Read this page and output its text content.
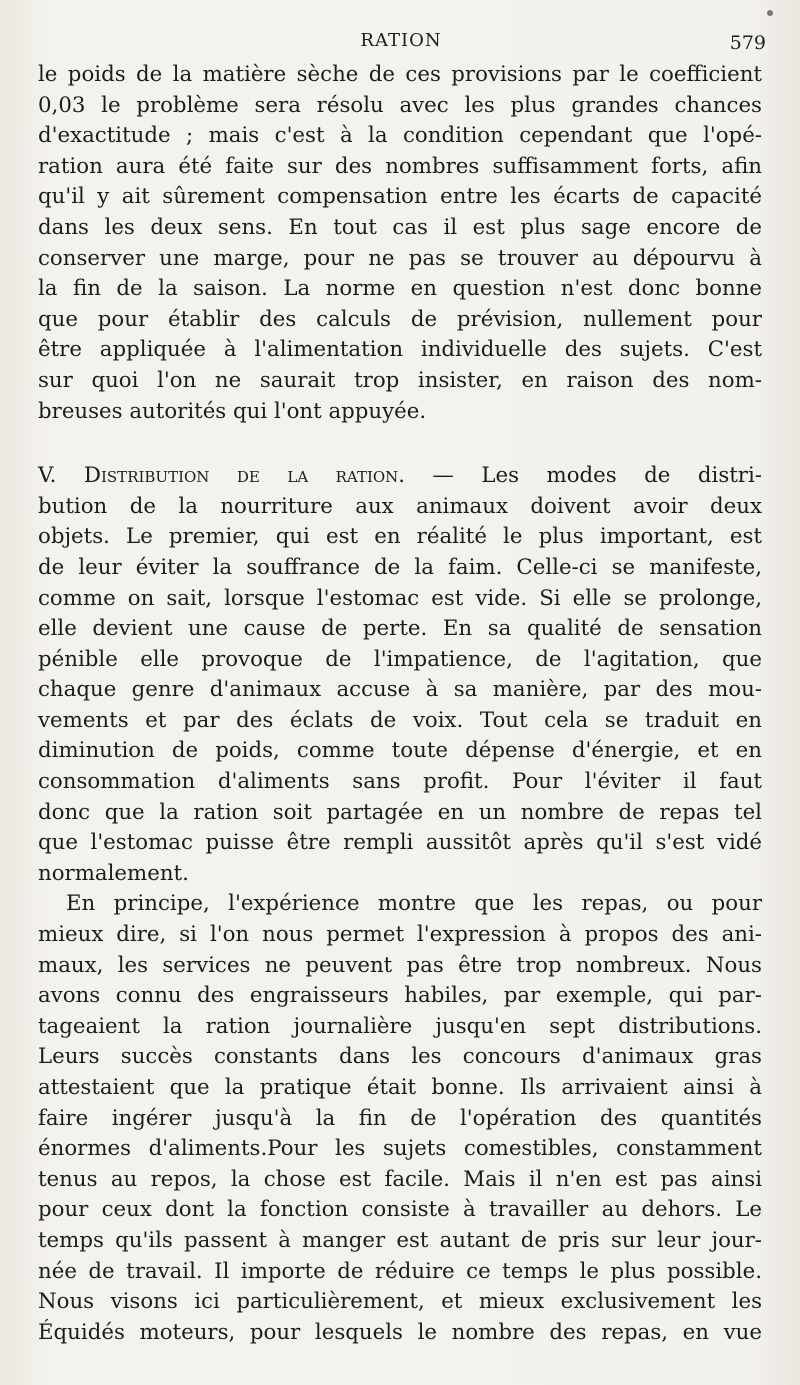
RATION	579
le poids de la matière sèche de ces provisions par le coefficient
0,03 le problème sera résolu avec les plus grandes chances
d'exactitude ; mais c'est à la condition cependant que l'opé-
ration aura été faite sur des nombres suffisamment forts, afin
qu'il y ait sûrement compensation entre les écarts de capacité
dans les deux sens. En tout cas il est plus sage encore de
conserver une marge, pour ne pas se trouver au dépourvu à
la fin de la saison. La norme en question n'est donc bonne
que pour établir des calculs de prévision, nullement pour
être appliquée à l'alimentation individuelle des sujets. C'est
sur quoi l'on ne saurait trop insister, en raison des nom-
breuses autorités qui l'ont appuyée.
V. Distribution de la ration. — Les modes de distri-
bution de la nourriture aux animaux doivent avoir deux
objets. Le premier, qui est en réalité le plus important, est
de leur éviter la souffrance de la faim. Celle-ci se manifeste,
comme on sait, lorsque l'estomac est vide. Si elle se prolonge,
elle devient une cause de perte. En sa qualité de sensation
pénible elle provoque de l'impatience, de l'agitation, que
chaque genre d'animaux accuse à sa manière, par des mou-
vements et par des éclats de voix. Tout cela se traduit en
diminution de poids, comme toute dépense d'énergie, et en
consommation d'aliments sans profit. Pour l'éviter il faut
donc que la ration soit partagée en un nombre de repas tel
que l'estomac puisse être rempli aussitôt après qu'il s'est vidé
normalement.
En principe, l'expérience montre que les repas, ou pour
mieux dire, si l'on nous permet l'expression à propos des ani-
maux, les services ne peuvent pas être trop nombreux. Nous
avons connu des engraisseurs habiles, par exemple, qui par-
tageaient la ration journalière jusqu'en sept distributions.
Leurs succès constants dans les concours d'animaux gras
attestaient que la pratique était bonne. Ils arrivaient ainsi à
faire ingérer jusqu'à la fin de l'opération des quantités
énormes d'aliments.Pour les sujets comestibles, constamment
tenus au repos, la chose est facile. Mais il n'en est pas ainsi
pour ceux dont la fonction consiste à travailler au dehors. Le
temps qu'ils passent à manger est autant de pris sur leur jour-
née de travail. Il importe de réduire ce temps le plus possible.
Nous visons ici particulièrement, et mieux exclusivement les
Équidés moteurs, pour lesquels le nombre des repas, en vue
